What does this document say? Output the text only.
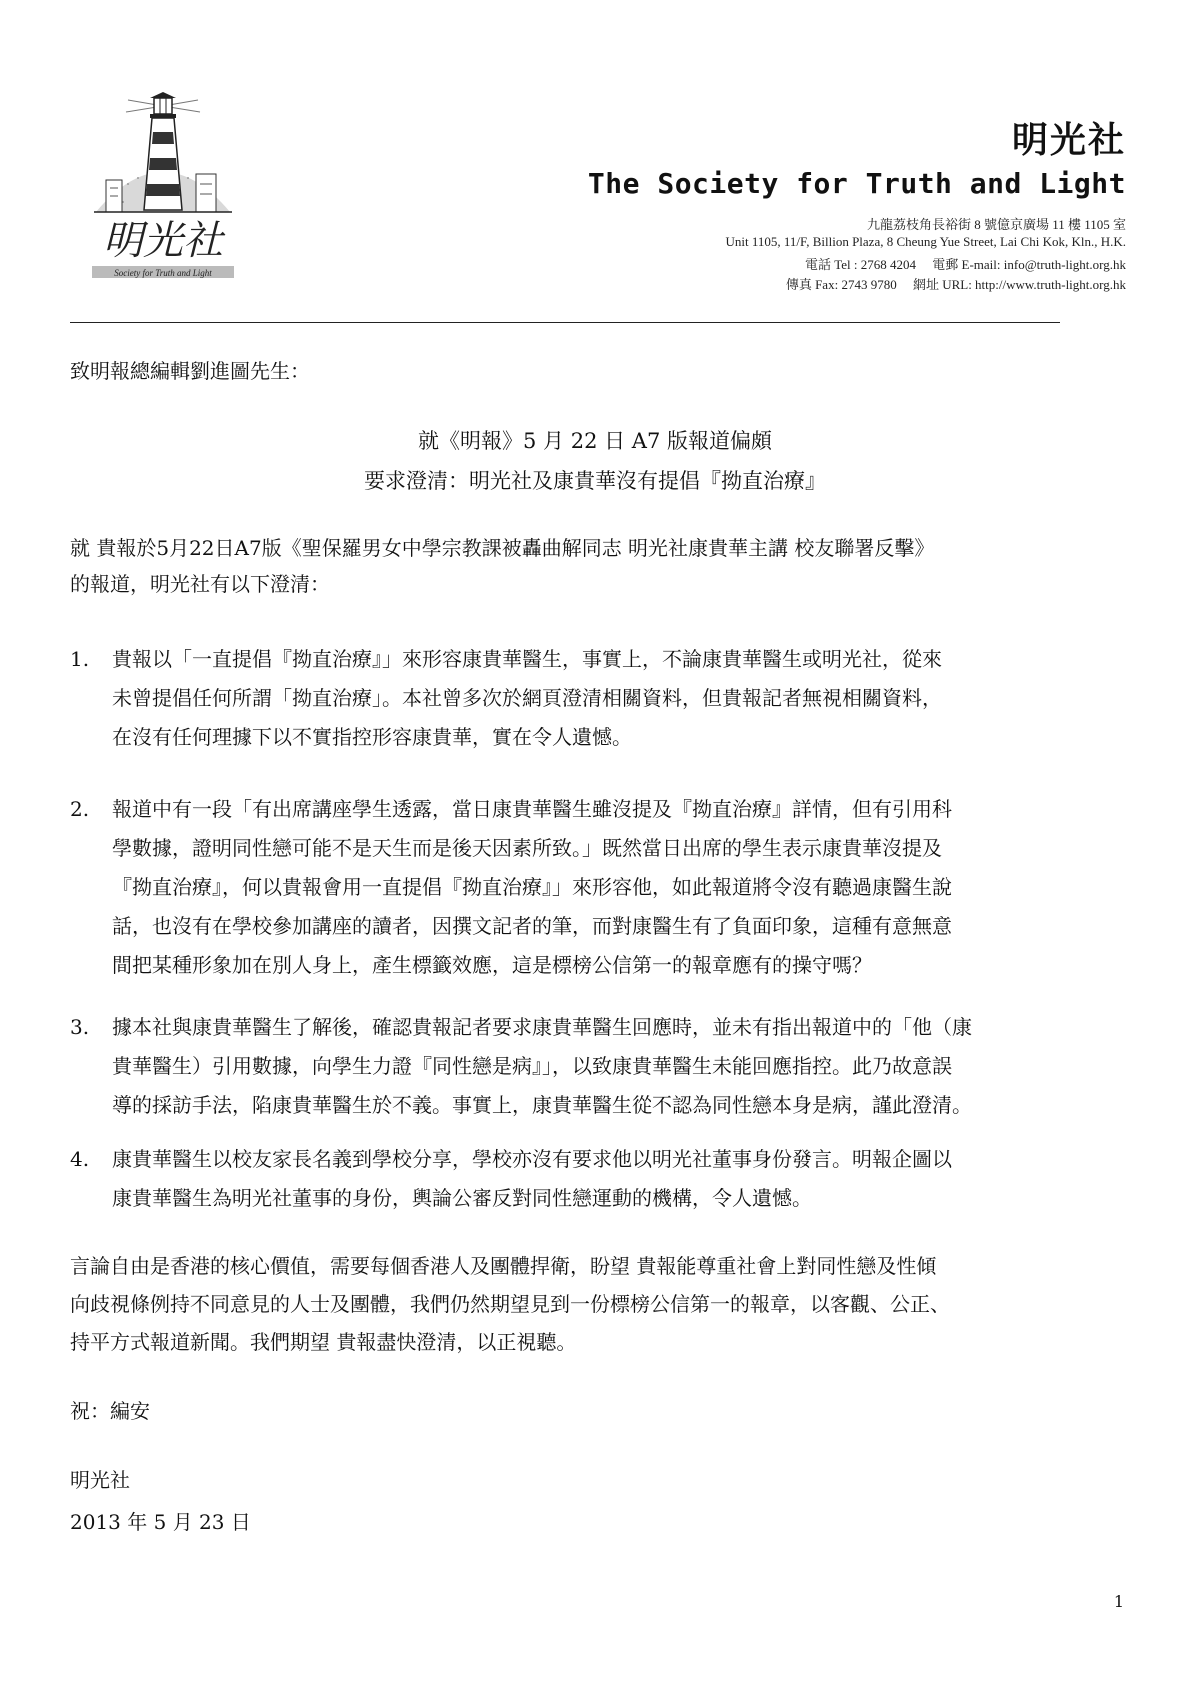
明光社
Society for Truth and Light
明光社
The Society for Truth and Light
九龍荔枝角長裕街 8 號億京廣場 11 樓 1105 室
Unit 1105, 11/F, Billion Plaza, 8 Cheung Yue Street, Lai Chi Kok, Kln., H.K.
電話 Tel : 2768 4204　 電郵 E-mail: info@truth-light.org.hk
傳真 Fax: 2743 9780　 網址 URL: http://www.truth-light.org.hk
致明報總編輯劉進圖先生：
就《明報》5 月 22 日 A7 版報道偏頗
要求澄清：明光社及康貴華沒有提倡『拗直治療』
就 貴報於5月22日A7版《聖保羅男女中學宗教課被轟曲解同志 明光社康貴華主講 校友聯署反擊》
的報道，明光社有以下澄清：
1.	貴報以「一直提倡『拗直治療』」來形容康貴華醫生，事實上，不論康貴華醫生或明光社，從來
未曾提倡任何所謂「拗直治療」。本社曾多次於網頁澄清相關資料，但貴報記者無視相關資料，
在沒有任何理據下以不實指控形容康貴華，實在令人遺憾。
2.	報道中有一段「有出席講座學生透露，當日康貴華醫生雖沒提及『拗直治療』詳情，但有引用科
學數據，證明同性戀可能不是天生而是後天因素所致。」既然當日出席的學生表示康貴華沒提及
『拗直治療』，何以貴報會用一直提倡『拗直治療』」來形容他，如此報道將令沒有聽過康醫生說
話，也沒有在學校參加講座的讀者，因撰文記者的筆，而對康醫生有了負面印象，這種有意無意
間把某種形象加在別人身上，產生標籤效應，這是標榜公信第一的報章應有的操守嗎？
3.	據本社與康貴華醫生了解後，確認貴報記者要求康貴華醫生回應時，並未有指出報道中的「他（康
貴華醫生）引用數據，向學生力證『同性戀是病』」，以致康貴華醫生未能回應指控。此乃故意誤
導的採訪手法，陷康貴華醫生於不義。事實上，康貴華醫生從不認為同性戀本身是病，謹此澄清。
4.	康貴華醫生以校友家長名義到學校分享，學校亦沒有要求他以明光社董事身份發言。明報企圖以
康貴華醫生為明光社董事的身份，輿論公審反對同性戀運動的機構，令人遺憾。
言論自由是香港的核心價值，需要每個香港人及團體捍衛，盼望 貴報能尊重社會上對同性戀及性傾
向歧視條例持不同意見的人士及團體，我們仍然期望見到一份標榜公信第一的報章，以客觀、公正、
持平方式報道新聞。我們期望 貴報盡快澄清，以正視聽。
祝：編安
明光社
2013 年 5 月 23 日
1
